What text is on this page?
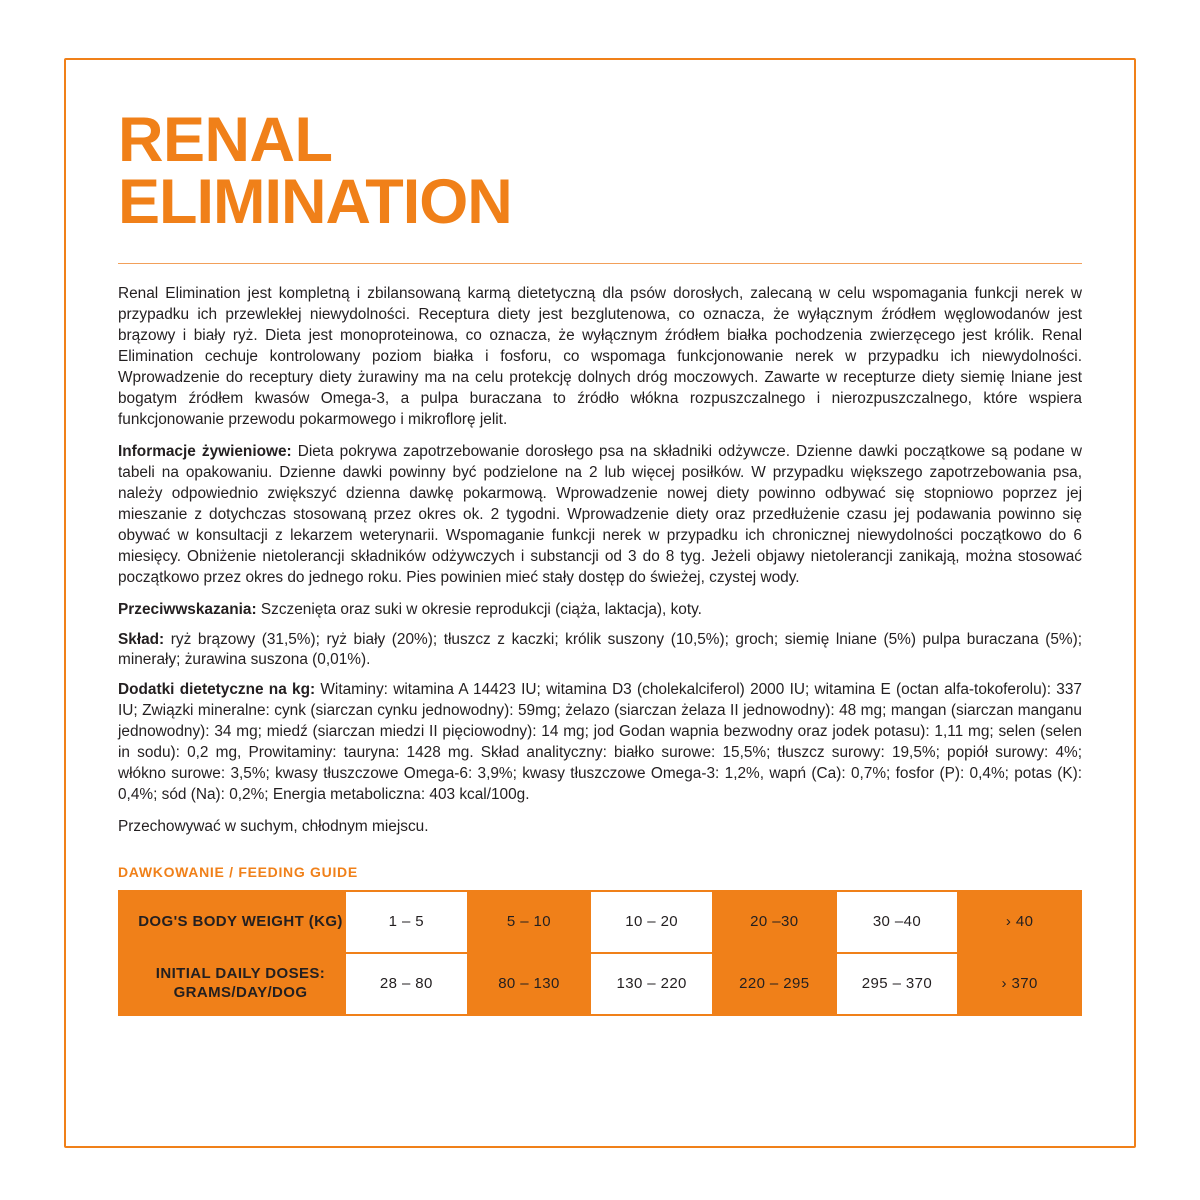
RENAL
ELIMINATION

Renal Elimination jest kompletną i zbilansowaną karmą dietetyczną dla psów dorosłych, zalecaną w celu wspomagania funkcji nerek w przypadku ich przewlekłej niewydolności. Receptura diety jest bezglutenowa, co oznacza, że wyłącznym źródłem węglowodanów jest brązowy i biały ryż. Dieta jest monoproteinowa, co oznacza, że wyłącznym źródłem białka pochodzenia zwierzęcego jest królik. Renal Elimination cechuje kontrolowany poziom białka i fosforu, co wspomaga funkcjonowanie nerek w przypadku ich niewydolności. Wprowadzenie do receptury diety żurawiny ma na celu protekcję dolnych dróg moczowych. Zawarte w recepturze diety siemię lniane jest bogatym źródłem kwasów Omega-3, a pulpa buraczana to źródło włókna rozpuszczalnego i nierozpuszczalnego, które wspiera funkcjonowanie przewodu pokarmowego i mikroflorę jelit.

Informacje żywieniowe: Dieta pokrywa zapotrzebowanie dorosłego psa na składniki odżywcze. Dzienne dawki początkowe są podane w tabeli na opakowaniu. Dzienne dawki powinny być podzielone na 2 lub więcej posiłków. W przypadku większego zapotrzebowania psa, należy odpowiednio zwiększyć dzienna dawkę pokarmową. Wprowadzenie nowej diety powinno odbywać się stopniowo poprzez jej mieszanie z dotychczas stosowaną przez okres ok. 2 tygodni. Wprowadzenie diety oraz przedłużenie czasu jej podawania powinno się obywać w konsultacji z lekarzem weterynarii. Wspomaganie funkcji nerek w przypadku ich chronicznej niewydolności początkowo do 6 miesięcy. Obniżenie nietolerancji składników odżywczych i substancji od 3 do 8 tyg. Jeżeli objawy nietolerancji zanikają, można stosować początkowo przez okres do jednego roku. Pies powinien mieć stały dostęp do świeżej, czystej wody.

Przeciwwskazania: Szczenięta oraz suki w okresie reprodukcji (ciąża, laktacja), koty.

Skład: ryż brązowy (31,5%); ryż biały (20%); tłuszcz z kaczki; królik suszony (10,5%); groch; siemię lniane (5%) pulpa buraczana (5%); minerały; żurawina suszona (0,01%).

Dodatki dietetyczne na kg: Witaminy: witamina A 14423 IU; witamina D3 (cholekalciferol) 2000 IU; witamina E (octan alfa-tokoferolu): 337 IU; Związki mineralne: cynk (siarczan cynku jednowodny): 59mg; żelazo (siarczan żelaza II jednowodny): 48 mg; mangan (siarczan manganu jednowodny): 34 mg; miedź (siarczan miedzi II pięciowodny): 14 mg; jod Godan wapnia bezwodny oraz jodek potasu): 1,11 mg; selen (selen in sodu): 0,2 mg, Prowitaminy: tauryna: 1428 mg. Skład analityczny: białko surowe: 15,5%; tłuszcz surowy: 19,5%; popiół surowy: 4%; włókno surowe: 3,5%; kwasy tłuszczowe Omega-6: 3,9%; kwasy tłuszczowe Omega-3: 1,2%, wapń (Ca): 0,7%; fosfor (P): 0,4%; potas (K): 0,4%; sód (Na): 0,2%; Energia metaboliczna: 403 kcal/100g.

Przechowywać w suchym, chłodnym miejscu.

DAWKOWANIE / FEEDING GUIDE
DOG'S BODY WEIGHT (KG)	1 – 5	5 – 10	10 – 20	20 –30	30 –40	› 40
INITIAL DAILY DOSES: GRAMS/DAY/DOG	28 – 80	80 – 130	130 – 220	220 – 295	295 – 370	› 370
